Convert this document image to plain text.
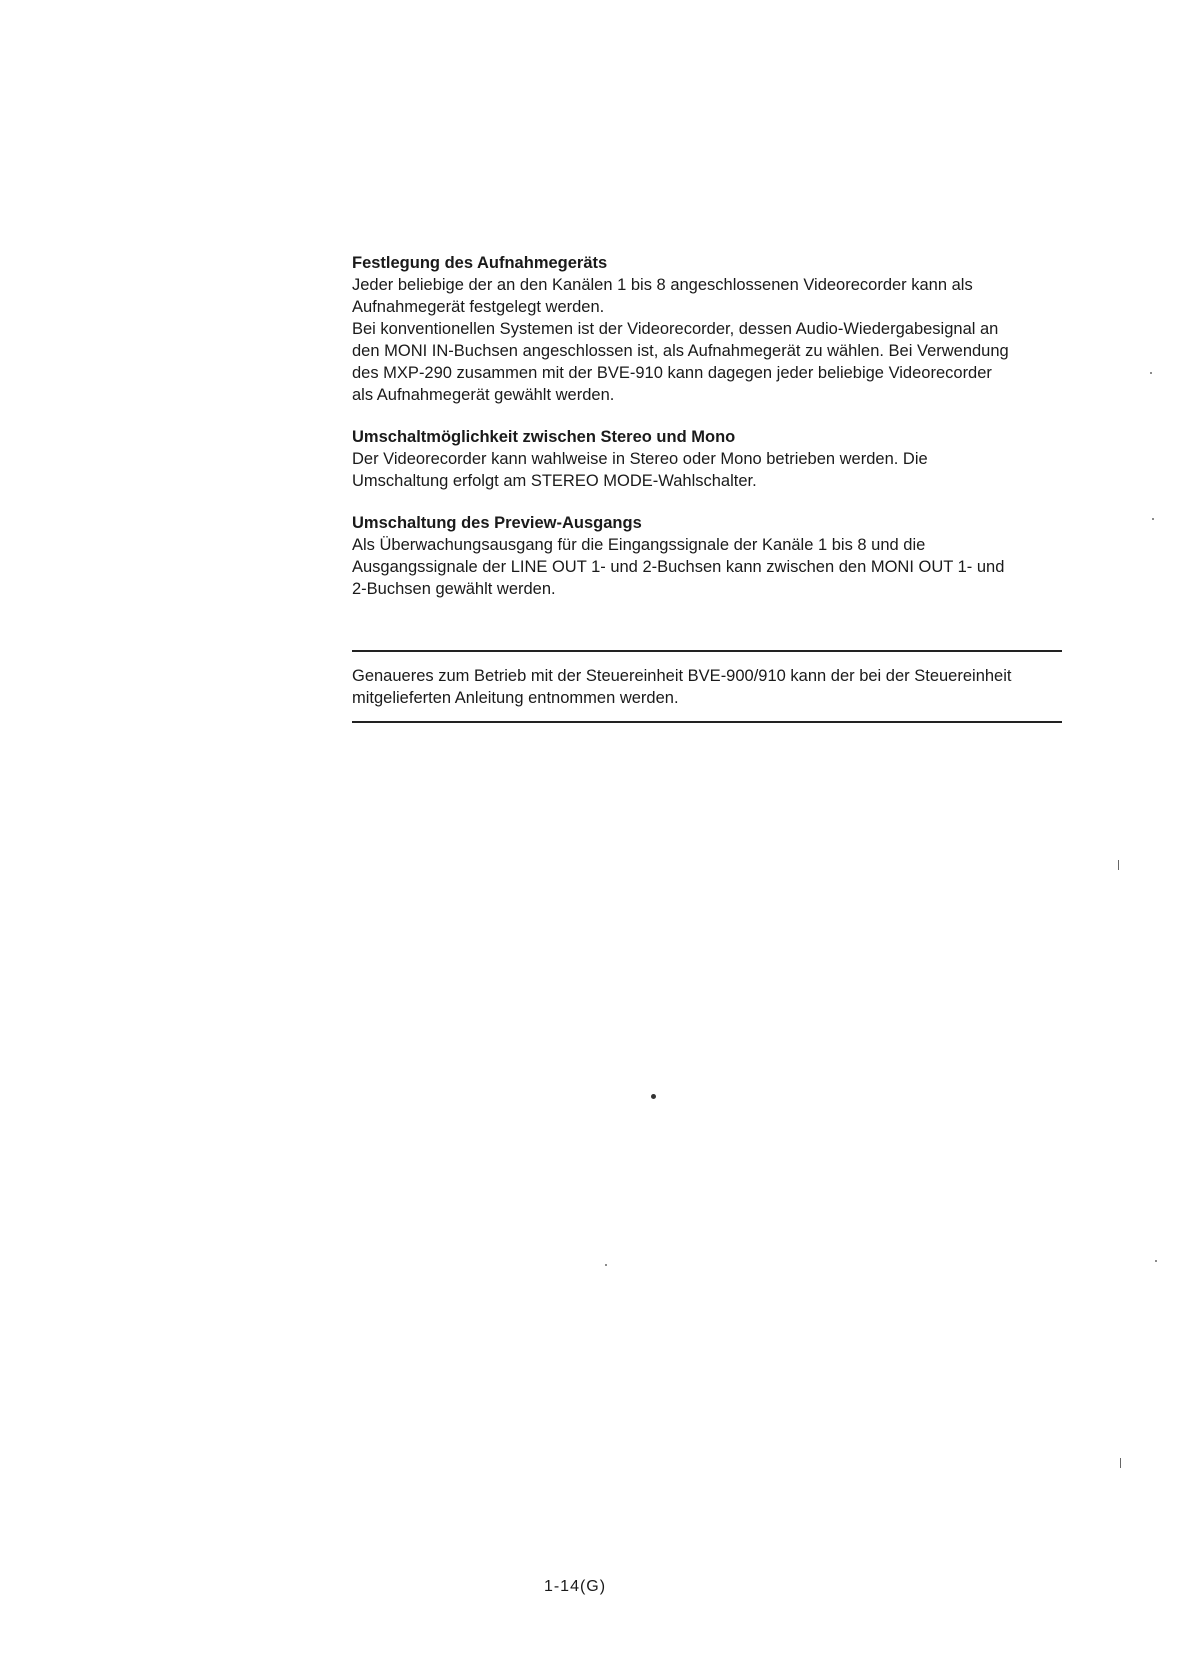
Festlegung des Aufnahmegeräts

Jeder beliebige der an den Kanälen 1 bis 8 angeschlossenen Videorecorder kann als

Aufnahmegerät festgelegt werden.

Bei konventionellen Systemen ist der Videorecorder, dessen Audio-Wiedergabesignal an

den MONI IN-Buchsen angeschlossen ist, als Aufnahmegerät zu wählen. Bei Verwendung

des MXP-290 zusammen mit der BVE-910 kann dagegen jeder beliebige Videorecorder

als Aufnahmegerät gewählt werden.

Umschaltmöglichkeit zwischen Stereo und Mono

Der Videorecorder kann wahlweise in Stereo oder Mono betrieben werden. Die

Umschaltung erfolgt am STEREO MODE-Wahlschalter.

Umschaltung des Preview-Ausgangs

Als Überwachungsausgang für die Eingangssignale der Kanäle 1 bis 8 und die

Ausgangssignale der LINE OUT 1- und 2-Buchsen kann zwischen den MONI OUT 1- und

2-Buchsen gewählt werden.

Genaueres zum Betrieb mit der Steuereinheit BVE-900/910 kann der bei der Steuereinheit

mitgelieferten Anleitung entnommen werden.

1-14(G)
